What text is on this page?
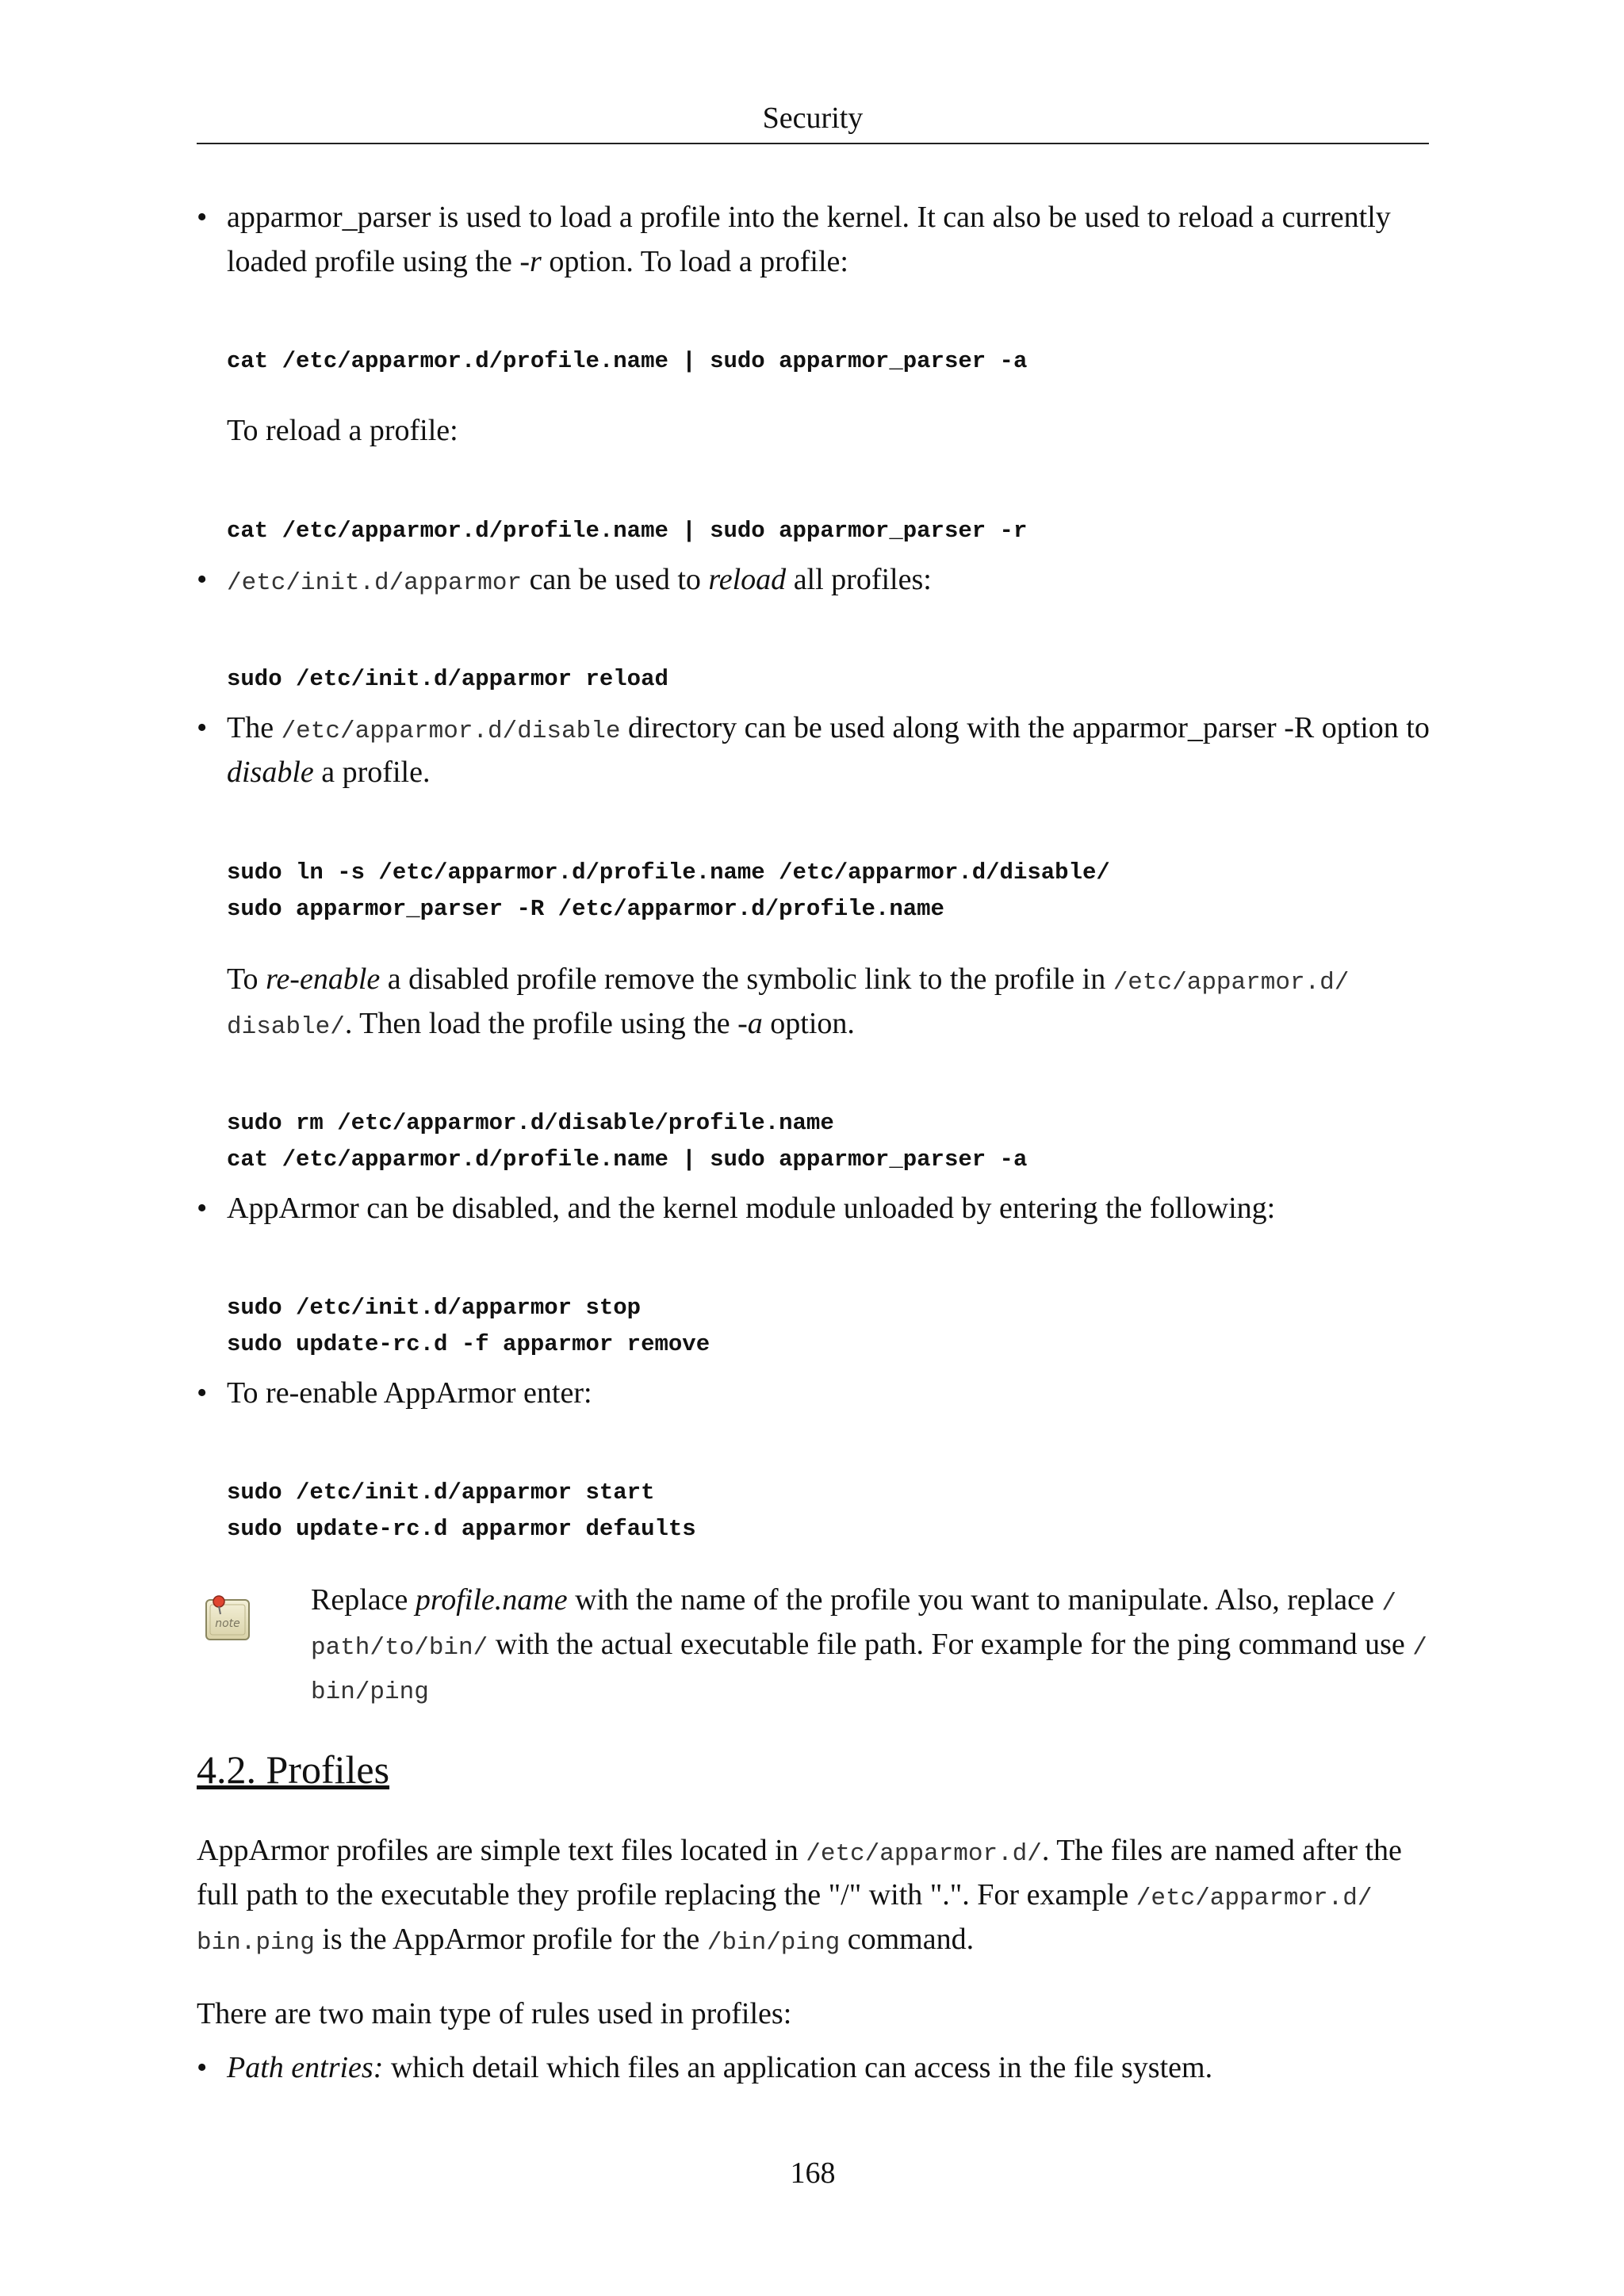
Security
• apparmor_parser is used to load a profile into the kernel. It can also be used to reload a currently

loaded profile using the -r option. To load a profile:

cat /etc/apparmor.d/profile.name | sudo apparmor_parser -a

To reload a profile:

cat /etc/apparmor.d/profile.name | sudo apparmor_parser -r
• /etc/init.d/apparmor can be used to reload all profiles:

sudo /etc/init.d/apparmor reload
• The /etc/apparmor.d/disable directory can be used along with the apparmor_parser -R option to

disable a profile.

sudo ln -s /etc/apparmor.d/profile.name /etc/apparmor.d/disable/
sudo apparmor_parser -R /etc/apparmor.d/profile.name

To re-enable a disabled profile remove the symbolic link to the profile in /etc/apparmor.d/

disable/. Then load the profile using the -a option.

sudo rm /etc/apparmor.d/disable/profile.name
cat /etc/apparmor.d/profile.name | sudo apparmor_parser -a
• AppArmor can be disabled, and the kernel module unloaded by entering the following:

sudo /etc/init.d/apparmor stop
sudo update-rc.d -f apparmor remove
• To re-enable AppArmor enter:

sudo /etc/init.d/apparmor start
sudo update-rc.d apparmor defaults
note

Replace profile.name with the name of the profile you want to manipulate. Also, replace /

path/to/bin/ with the actual executable file path. For example for the ping command use /

bin/ping

4.2. Profiles

AppArmor profiles are simple text files located in /etc/apparmor.d/. The files are named after the

full path to the executable they profile replacing the "/" with ".". For example /etc/apparmor.d/

bin.ping is the AppArmor profile for the /bin/ping command.

There are two main type of rules used in profiles:

• Path entries: which detail which files an application can access in the file system.

168
